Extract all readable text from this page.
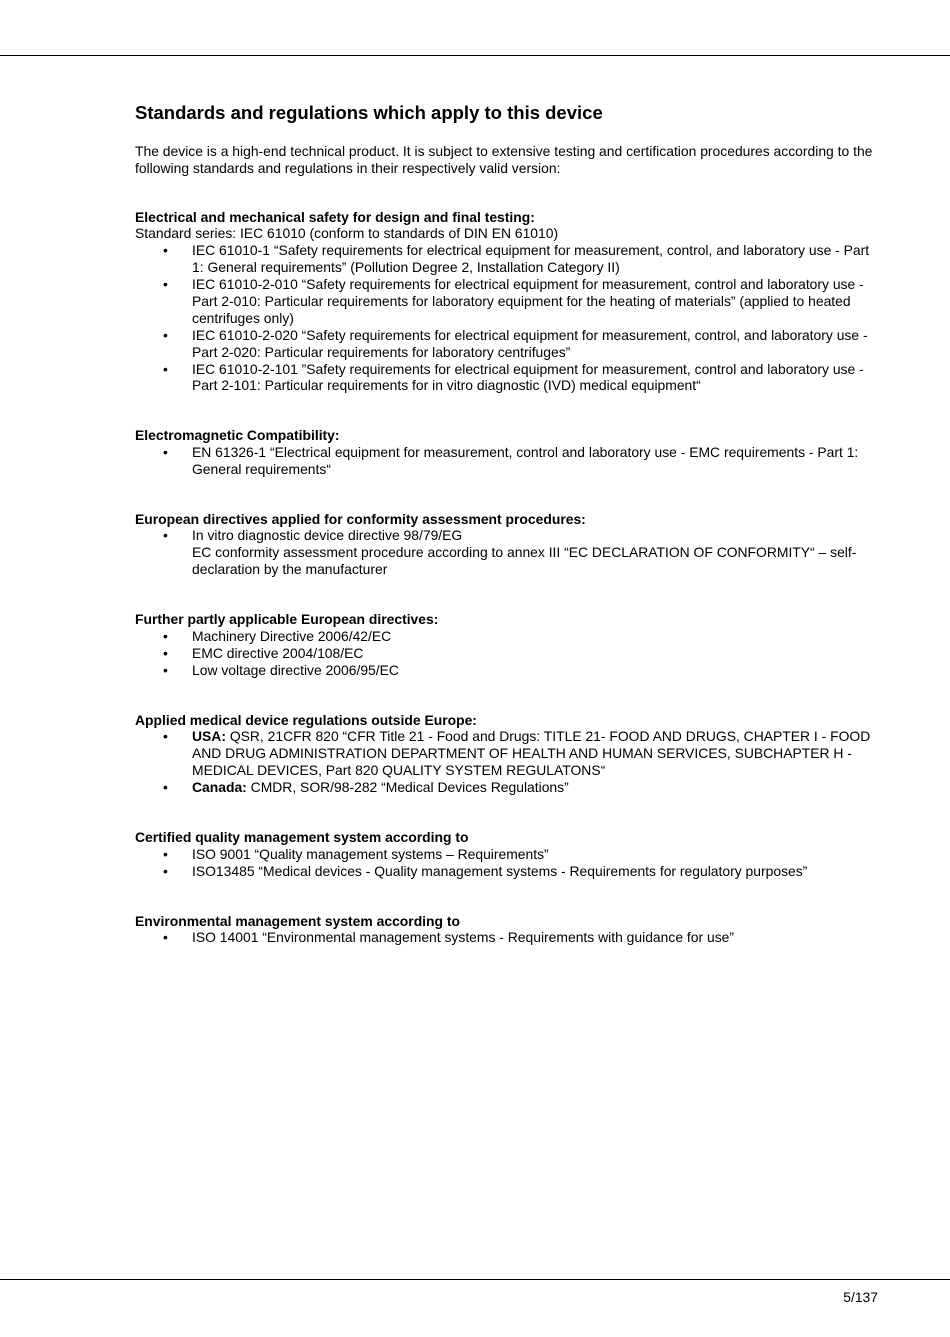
Standards and regulations which apply to this device

The device is a high-end technical product. It is subject to extensive testing and certification procedures according to the following standards and regulations in their respectively valid version:

Electrical and mechanical safety for design and final testing:

Standard series: IEC 61010 (conform to standards of DIN EN 61010)

• IEC 61010-1 “Safety requirements for electrical equipment for measurement, control, and laboratory use - Part 1: General requirements” (Pollution Degree 2, Installation Category II)
• IEC 61010-2-010 “Safety requirements for electrical equipment for measurement, control and laboratory use - Part 2-010: Particular requirements for laboratory equipment for the heating of materials” (applied to heated centrifuges only)
• IEC 61010-2-020 “Safety requirements for electrical equipment for measurement, control, and laboratory use - Part 2-020: Particular requirements for laboratory centrifuges”
• IEC 61010-2-101 ”Safety requirements for electrical equipment for measurement, control and laboratory use - Part 2-101: Particular requirements for in vitro diagnostic (IVD) medical equipment“

Electromagnetic Compatibility:

• EN 61326-1 “Electrical equipment for measurement, control and laboratory use - EMC requirements - Part 1: General requirements“

European directives applied for conformity assessment procedures:

• In vitro diagnostic device directive 98/79/EG
EC conformity assessment procedure according to annex III “EC DECLARATION OF CONFORMITY“ – self-declaration by the manufacturer

Further partly applicable European directives:

• Machinery Directive 2006/42/EC
• EMC directive 2004/108/EC
• Low voltage directive 2006/95/EC

Applied medical device regulations outside Europe:

• USA: QSR, 21CFR 820 “CFR Title 21 - Food and Drugs: TITLE 21- FOOD AND DRUGS, CHAPTER I - FOOD AND DRUG ADMINISTRATION DEPARTMENT OF HEALTH AND HUMAN SERVICES, SUBCHAPTER H - MEDICAL DEVICES, Part 820 QUALITY SYSTEM REGULATONS“
• Canada: CMDR, SOR/98-282 “Medical Devices Regulations”

Certified quality management system according to

• ISO 9001 “Quality management systems – Requirements”
• ISO13485 “Medical devices - Quality management systems - Requirements for regulatory purposes”

Environmental management system according to

• ISO 14001 “Environmental management systems - Requirements with guidance for use”
5/137
